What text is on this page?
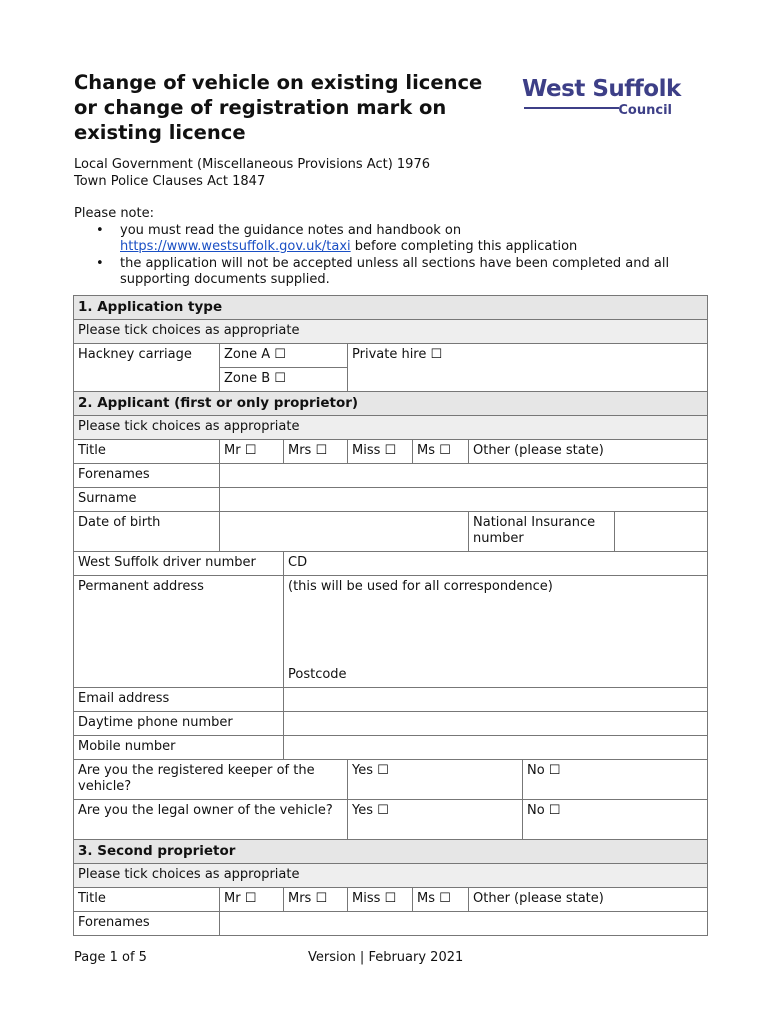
Change of vehicle on existing licence or change of registration mark on existing licence
West Suffolk
Council
Local Government (Miscellaneous Provisions Act) 1976
Town Police Clauses Act 1847
Please note:
• you must read the guidance notes and handbook on
https://www.westsuffolk.gov.uk/taxi before completing this application
• the application will not be accepted unless all sections have been completed and all supporting documents supplied.
1. Application type							
Please tick choices as appropriate							
Hackney carriage	Zone A ☐		Private hire ☐				
	Zone B ☐						
2. Applicant (first or only proprietor)							
Please tick choices as appropriate							
Title	Mr ☐	Mrs ☐	Miss ☐	Ms ☐	Other (please state)		
Forenames							
Surname							
Date of birth					National Insurance number		
West Suffolk driver number		CD					
Permanent address		(this will be used for all correspondence)
Postcode					

Email address							
Daytime phone number							
Mobile number							
Are you the registered keeper of the vehicle?			Yes ☐			No ☐	
Are you the legal owner of the vehicle?			Yes ☐			No ☐	
3. Second proprietor							
Please tick choices as appropriate							
Title	Mr ☐	Mrs ☐	Miss ☐	Ms ☐	Other (please state)		
Forenames							
Page 1 of 5	Version | February 2021
